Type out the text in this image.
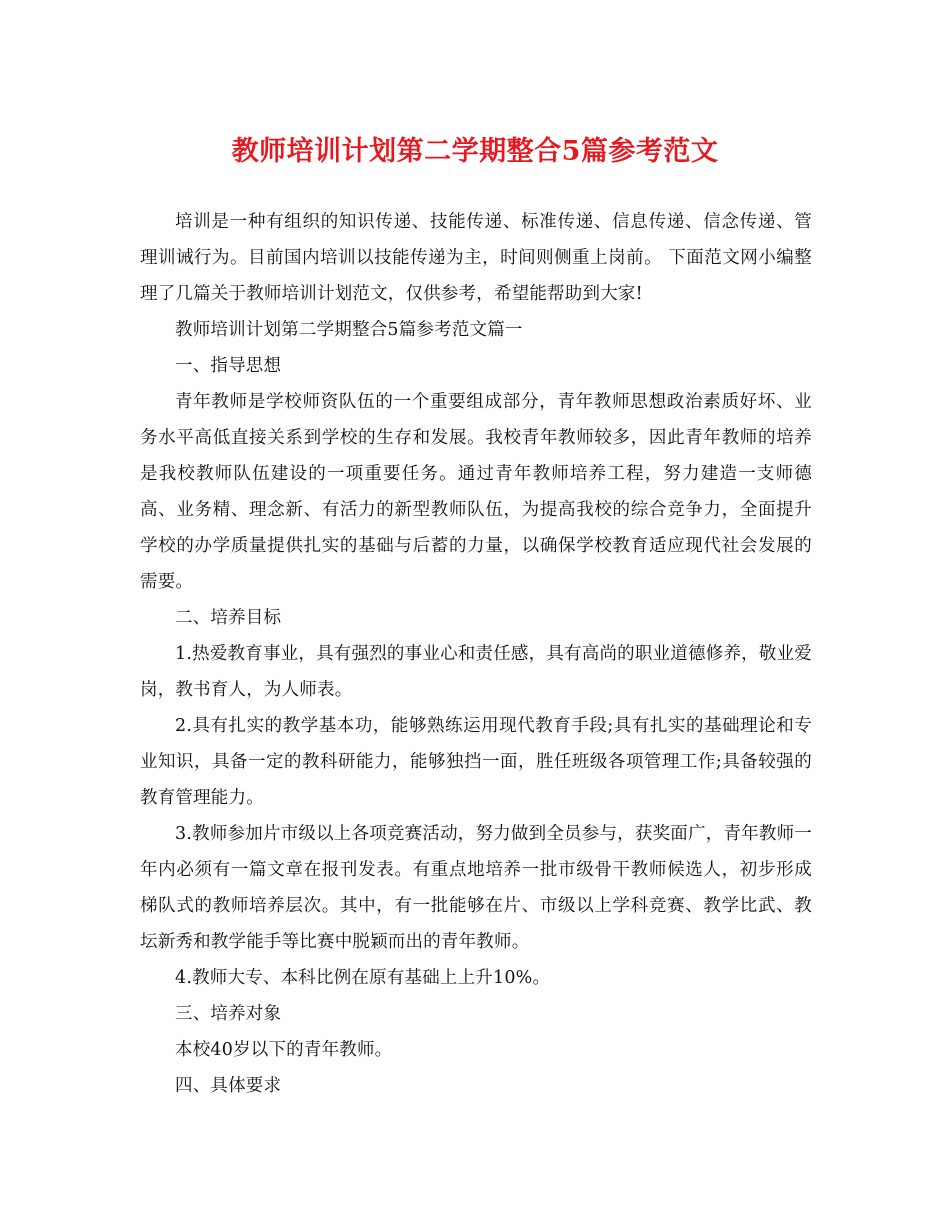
教师培训计划第二学期整合5篇参考范文

培训是一种有组织的知识传递、技能传递、标准传递、信息传递、信念传递、管理训诫行为。目前国内培训以技能传递为主，时间则侧重上岗前。 下面范文网小编整理了几篇关于教师培训计划范文，仅供参考，希望能帮助到大家!

教师培训计划第二学期整合5篇参考范文篇一

一、指导思想

青年教师是学校师资队伍的一个重要组成部分，青年教师思想政治素质好坏、业务水平高低直接关系到学校的生存和发展。我校青年教师较多，因此青年教师的培养是我校教师队伍建设的一项重要任务。通过青年教师培养工程，努力建造一支师德高、业务精、理念新、有活力的新型教师队伍，为提高我校的综合竞争力，全面提升学校的办学质量提供扎实的基础与后蓄的力量，以确保学校教育适应现代社会发展的需要。

二、培养目标

1.热爱教育事业，具有强烈的事业心和责任感，具有高尚的职业道德修养，敬业爱岗，教书育人，为人师表。

2.具有扎实的教学基本功，能够熟练运用现代教育手段;具有扎实的基础理论和专业知识，具备一定的教科研能力，能够独挡一面，胜任班级各项管理工作;具备较强的教育管理能力。

3.教师参加片市级以上各项竞赛活动，努力做到全员参与，获奖面广，青年教师一年内必须有一篇文章在报刊发表。有重点地培养一批市级骨干教师候选人，初步形成梯队式的教师培养层次。其中，有一批能够在片、市级以上学科竞赛、教学比武、教坛新秀和教学能手等比赛中脱颖而出的青年教师。

4.教师大专、本科比例在原有基础上上升10%。

三、培养对象

本校40岁以下的青年教师。

四、具体要求
